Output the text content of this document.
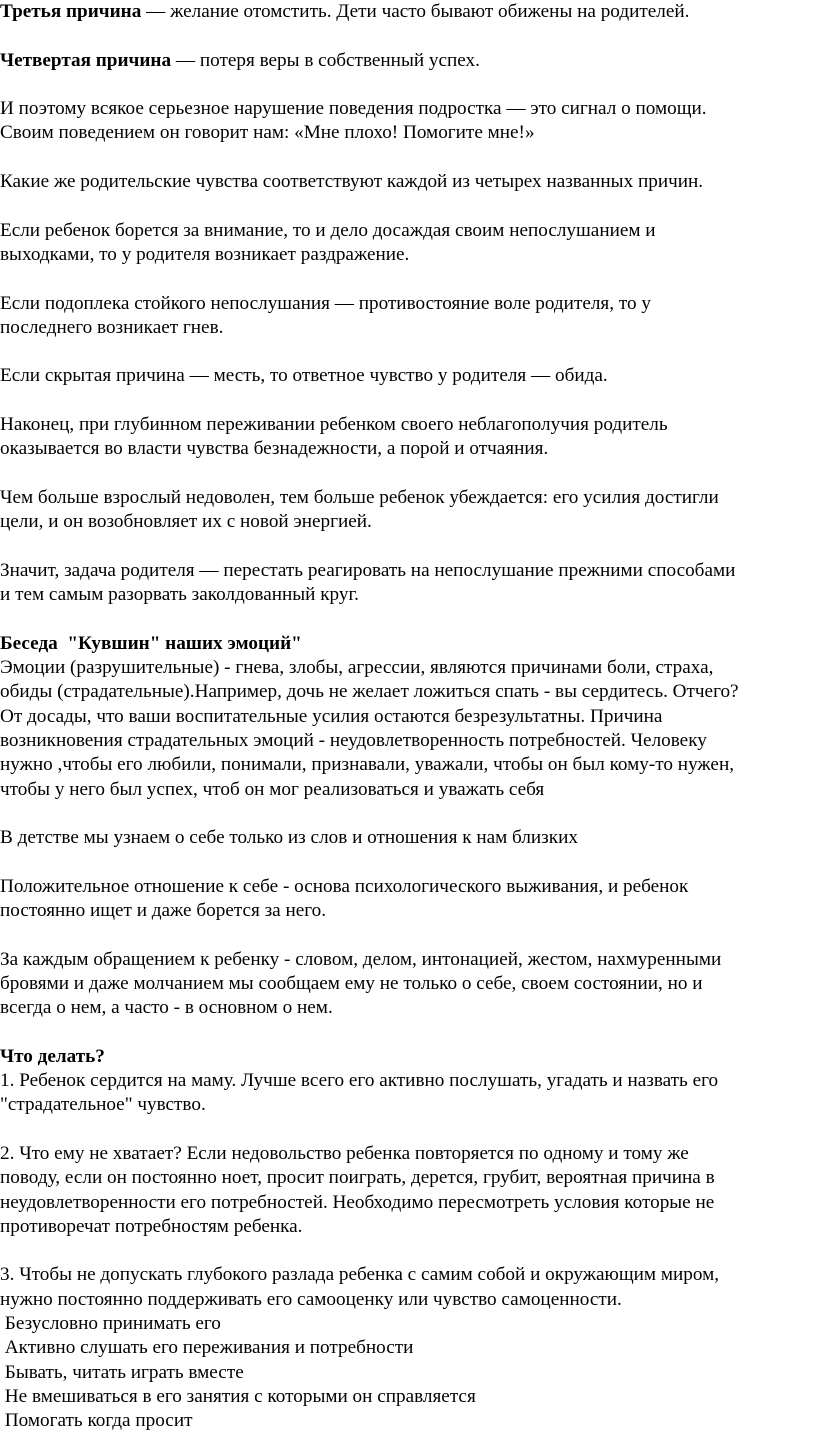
Третья причина — желание отомстить. Дети часто бывают обижены на родителей.
Четвертая причина — потеря веры в собственный успех.
И поэтому всякое серьезное нарушение поведения подростка — это сигнал о помощи.
Своим поведением он говорит нам: «Мне плохо! Помогите мне!»
Какие же родительские чувства соответствуют каждой из четырех названных причин.
Если ребенок борется за внимание, то и дело досаждая своим непослушанием и
выходками, то у родителя возникает раздражение.
Если подоплека стойкого непослушания — противостояние воле родителя, то у
последнего возникает гнев.
Если скрытая причина — месть, то ответное чувство у родителя — обида.
Наконец, при глубинном переживании ребенком своего неблагополучия родитель
оказывается во власти чувства безнадежности, а порой и отчаяния.
Чем больше взрослый недоволен, тем больше ребенок убеждается: его усилия достигли
цели, и он возобновляет их с новой энергией.
Значит, задача родителя — перестать реагировать на непослушание прежними способами
и тем самым разорвать заколдованный круг.
Беседа  "Кувшин" наших эмоций"
Эмоции (разрушительные) - гнева, злобы, агрессии, являются причинами боли, страха,
обиды (страдательные).Например, дочь не желает ложиться спать - вы сердитесь. Отчего?
От досады, что ваши воспитательные усилия остаются безрезультатны. Причина
возникновения страдательных эмоций - неудовлетворенность потребностей. Человеку
нужно ,чтобы его любили, понимали, признавали, уважали, чтобы он был кому-то нужен,
чтобы у него был успех, чтоб он мог реализоваться и уважать себя
В детстве мы узнаем о себе только из слов и отношения к нам близких
Положительное отношение к себе - основа психологического выживания, и ребенок
постоянно ищет и даже борется за него.
За каждым обращением к ребенку - словом, делом, интонацией, жестом, нахмуренными
бровями и даже молчанием мы сообщаем ему не только о себе, своем состоянии, но и
всегда о нем, а часто - в основном о нем.
Что делать?
1. Ребенок сердится на маму. Лучше всего его активно послушать, угадать и назвать его
"страдательное" чувство.
2. Что ему не хватает? Если недовольство ребенка повторяется по одному и тому же
поводу, если он постоянно ноет, просит поиграть, дерется, грубит, вероятная причина в
неудовлетворенности его потребностей. Необходимо пересмотреть условия которые не
противоречат потребностям ребенка.
3. Чтобы не допускать глубокого разлада ребенка с самим собой и окружающим миром,
нужно постоянно поддерживать его самооценку или чувство самоценности.
Безусловно принимать его
Активно слушать его переживания и потребности
Бывать, читать играть вместе
Не вмешиваться в его занятия с которыми он справляется
Помогать когда просит
